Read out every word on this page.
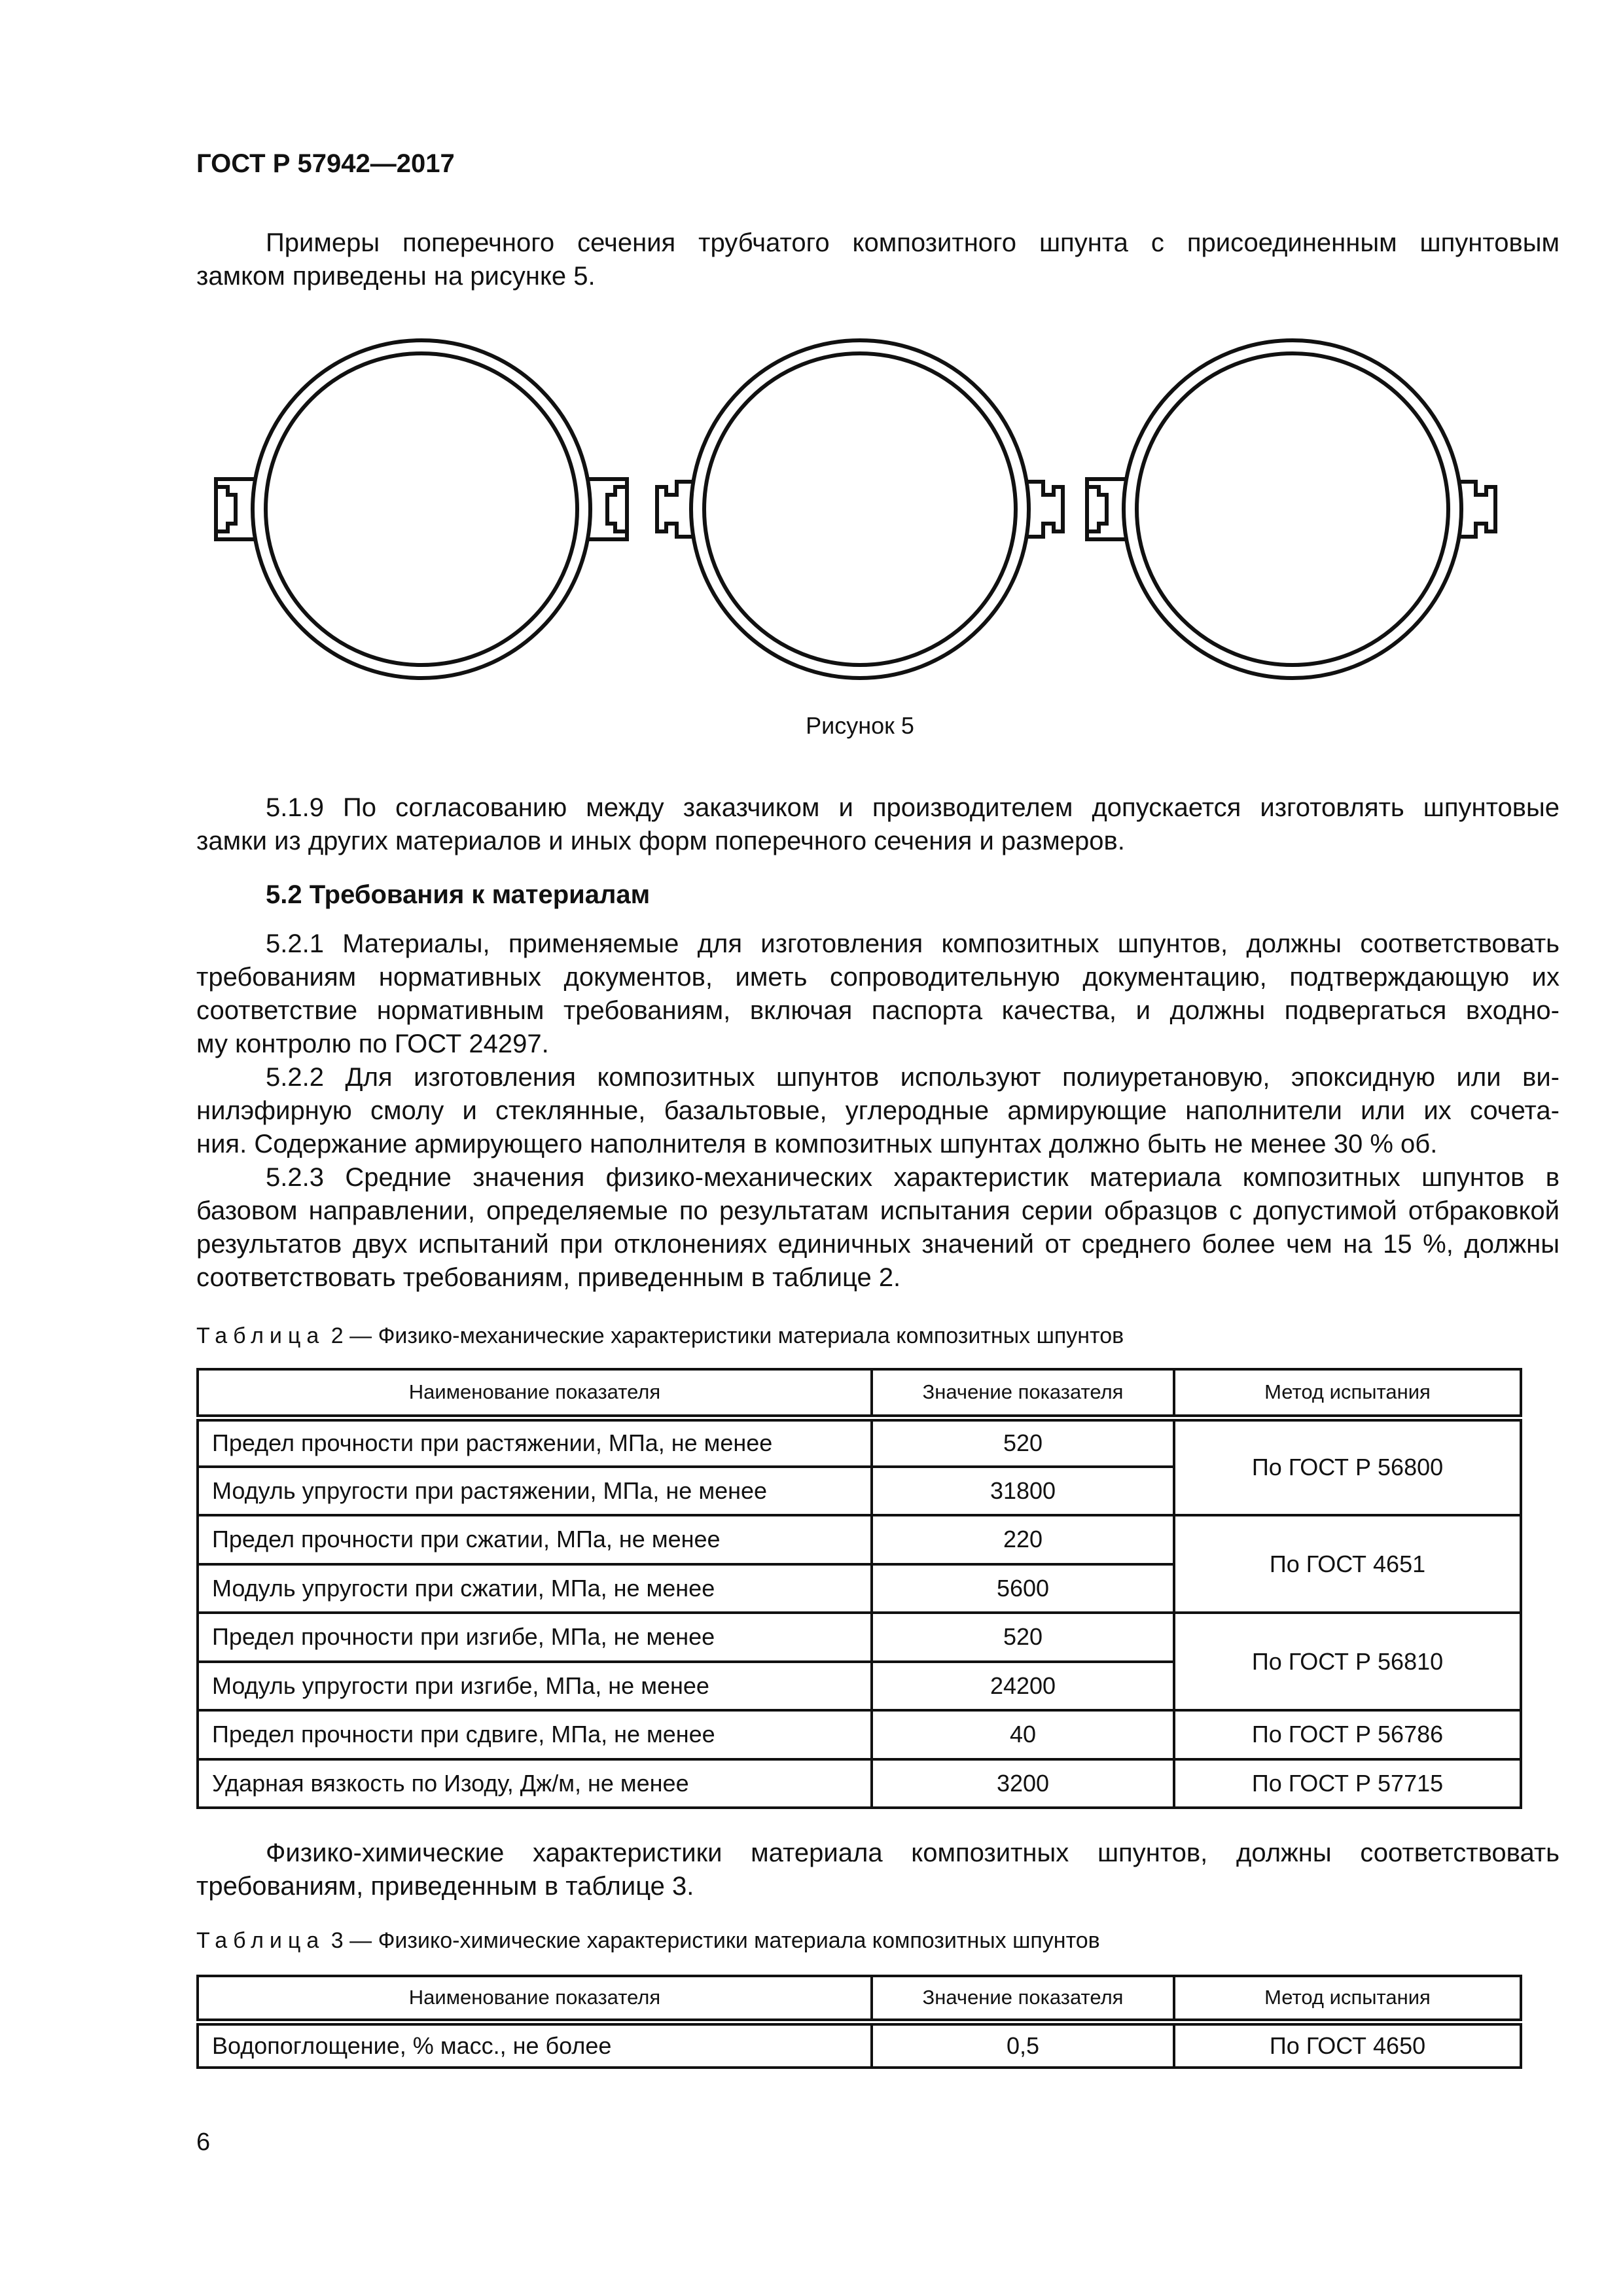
ГОСТ Р 57942—2017
Примеры поперечного сечения трубчатого композитного шпунта с присоединенным шпунтовым
замком приведены на рисунке 5.
Рисунок 5
5.1.9 По согласованию между заказчиком и производителем допускается изготовлять шпунтовые
замки из других материалов и иных форм поперечного сечения и размеров.
5.2 Требования к материалам
5.2.1 Материалы, применяемые для изготовления композитных шпунтов, должны соответствовать
требованиям нормативных документов, иметь сопроводительную документацию, подтверждающую их
соответствие нормативным требованиям, включая паспорта качества, и должны подвергаться входно-
му контролю по ГОСТ 24297.
5.2.2 Для изготовления композитных шпунтов используют полиуретановую, эпоксидную или ви-
нилэфирную смолу и стеклянные, базальтовые, углеродные армирующие наполнители или их сочета-
ния. Содержание армирующего наполнителя в композитных шпунтах должно быть не менее 30 % об.
5.2.3 Средние значения физико-механических характеристик материала композитных шпунтов в
базовом направлении, определяемые по результатам испытания серии образцов с допустимой отбраковкой
результатов двух испытаний при отклонениях единичных значений от среднего более чем на 15 %, должны
соответствовать требованиям, приведенным в таблице 2.
Таблица 2 — Физико-механические характеристики материала композитных шпунтов
Наименование показателя	Значение показателя	Метод испытания
Предел прочности при растяжении, МПа, не менее	520	По ГОСТ Р 56800
Модуль упругости при растяжении, МПа, не менее	31800	
Предел прочности при сжатии, МПа, не менее	220	По ГОСТ 4651
Модуль упругости при сжатии, МПа, не менее	5600	
Предел прочности при изгибе, МПа, не менее	520	По ГОСТ Р 56810
Модуль упругости при изгибе, МПа, не менее	24200	
Предел прочности при сдвиге, МПа, не менее	40	По ГОСТ Р 56786
Ударная вязкость по Изоду, Дж/м, не менее	3200	По ГОСТ Р 57715
Физико-химические характеристики материала композитных шпунтов, должны соответствовать
требованиям, приведенным в таблице 3.
Таблица 3 — Физико-химические характеристики материала композитных шпунтов
Наименование показателя	Значение показателя	Метод испытания
Водопоглощение, % масс., не более	0,5	По ГОСТ 4650
6
